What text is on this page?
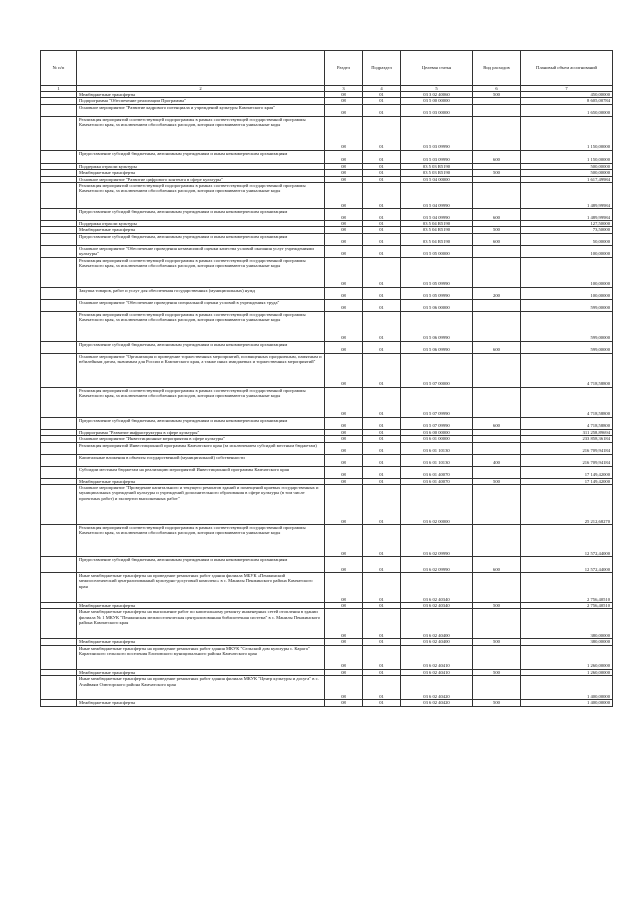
№ п/п		Раздел	Подраздел	Целевая статья	Вид расходов	Плановый объем ассигнований
1	2	3	4	5	6	7
	Межбюджетные трансферты	08	01	03 3 02 40060	500	450,00000
	Подпрограмма "Обеспечение реализации Программы"	08	01	03 5 00 00000		8 605,00784
	Основное мероприятие "Развитие кадрового потенциала и учреждений культуры Камчатского края"	08	01	03 5 03 00000		1 650,00000
	Реализация мероприятий соответствующей подпрограммы в рамках соответствующей государственной программы Камчатского края, за исключением обособленных расходов, которым присваиваются уникальные коды	08	01	03 5 03 09990		1 150,00000
	Предоставление субсидий бюджетным, автономным учреждениям и иным некоммерческим организациям	08	01	03 5 03 09990	600	1 150,00000
	Поддержка отрасли культуры	08	01	03 5 03 R5190		500,00000
	Межбюджетные трансферты	08	01	03 5 03 R5190	500	500,00000
	Основное мероприятие "Развитие цифрового контента в сфере культуры"	08	01	03 5 04 00000		1 617,49984
	Реализация мероприятий соответствующей подпрограммы в рамках соответствующей государственной программы Камчатского края, за исключением обособленных расходов, которым присваиваются уникальные коды	08	01	03 5 04 09990		1 489,99984
	Предоставление субсидий бюджетным, автономным учреждениям и иным некоммерческим организациям	08	01	03 5 04 09990	600	1 489,99984
	Поддержка отрасли культуры	08	01	03 5 04 R5190		127,50000
	Межбюджетные трансферты	08	01	03 5 04 R5190	500	73,50000
	Предоставление субсидий бюджетным, автономным учреждениям и иным некоммерческим организациям	08	01	03 5 04 R5190	600	50,00000
	Основное мероприятие "Обеспечение проведения независимой оценки качества условий оказания услуг учреждениями культуры"	08	01	03 5 05 00000		100,00000
	Реализация мероприятий соответствующей подпрограммы в рамках соответствующей государственной программы Камчатского края, за исключением обособленных расходов, которым присваиваются уникальные коды	08	01	03 5 05 09990		100,00000
	Закупка товаров, работ и услуг для обеспечения государственных (муниципальных) нужд	08	01	03 5 05 09990	200	100,00000
	Основное мероприятие "Обеспечение проведения специальной оценки условий в учреждениях труда"	08	01	03 5 06 00000		599,00000
	Реализация мероприятий соответствующей подпрограммы в рамках соответствующей государственной программы Камчатского края, за исключением обособленных расходов, которым присваиваются уникальные коды	08	01	03 5 06 09990		599,00000
	Предоставление субсидий бюджетным, автономным учреждениям и иным некоммерческим организациям	08	01	03 5 06 09990	600	599,00000
	Основное мероприятие "Организация и проведение торжественных мероприятий, посвященных праздничным, памятным и юбилейным датам, значимым для России и Камчатского края, а также иных имиджевых и торжественных мероприятий"	08	01	03 5 07 00000		4 718,58800
	Реализация мероприятий соответствующей подпрограммы в рамках соответствующей государственной программы Камчатского края, за исключением обособленных расходов, которым присваиваются уникальные коды	08	01	03 5 07 09990		4 718,58800
	Предоставление субсидий бюджетным, автономным учреждениям и иным некоммерческим организациям	08	01	03 5 07 09990	600	4 718,58800
	Подпрограмма "Развитие инфраструктуры в сфере культуры"	08	01	03 6 00 00000		311 258,89694
	Основное мероприятие "Инвестиционные мероприятия в сфере культуры"	08	01	03 6 01 00000		233 858,36184
	Реализация мероприятий Инвестиционной программы Камчатского края (за исключением субсидий местным бюджетам)	08	01	03 6 01 10130		216 709,94184
	Капитальные вложения в объекты государственной (муниципальной) собственности	08	01	03 6 01 10130	400	216 709,94184
	Субсидии местным бюджетам на реализацию мероприятий Инвестиционной программы Камчатского края	08	01	03 6 01 40070		17 149,42000
	Межбюджетные трансферты	08	01	03 6 01 40070	500	17 149,42000
	Основное мероприятие "Проведение капитального и текущего ремонтов зданий и помещений краевых государственных и муниципальных учреждений культуры и учреждений дополнительного образования в сфере культуры (в том числе проектных работ) и экспертиз выполненных работ"	08	01	03 6 02 00000		25 212,68270
	Реализация мероприятий соответствующей подпрограммы в рамках соответствующей государственной программы Камчатского края, за исключением обособленных расходов, которым присваиваются уникальные коды	08	01	03 6 02 09990		12 572,44000
	Предоставление субсидий бюджетным, автономным учреждениям и иным некоммерческим организациям	08	01	03 6 02 09990	600	12 572,44000
	Иные межбюджетные трансферты на проведение ремонтных работ здания филиала МБУК «Пенжинский межпоселенческий централизованный культурно-досуговый комплекс» в с. Манилы Пенжинского района Камчатского края	08	01	03 6 02 40340		2 756,40510
	Межбюджетные трансферты	08	01	03 6 02 40340	500	2 756,40510
	Иные межбюджетные трансферты на выполнение работ по капитальному ремонту инженерных сетей отопления в здании филиала № 1 МКУК "Пенжинская межпоселенческая централизованная библиотечная система" в с. Манилы Пенжинского района Камчатского края	08	01	03 6 02 40400		380,00000
	Межбюджетные трансферты	08	01	03 6 02 40400	500	380,00000
	Иные межбюджетные трансферты на проведение ремонтных работ здания МКУК "Сельский дом культуры с. Карага" Карагинского сельского поселения Елизовского муниципального района Камчатского края	08	01	03 6 02 40410		1 260,00000
	Межбюджетные трансферты	08	01	03 6 02 40410	500	1 260,00000
	Иные межбюджетные трансферты на проведение ремонтных работ здания филиала МКУК "Центр культуры и досуга" в с. Ачайваям Олюторского района Камчатского края	08	01	03 6 02 40420		1 400,00000
	Межбюджетные трансферты	08	01	03 6 02 40420	500	1 400,00000
